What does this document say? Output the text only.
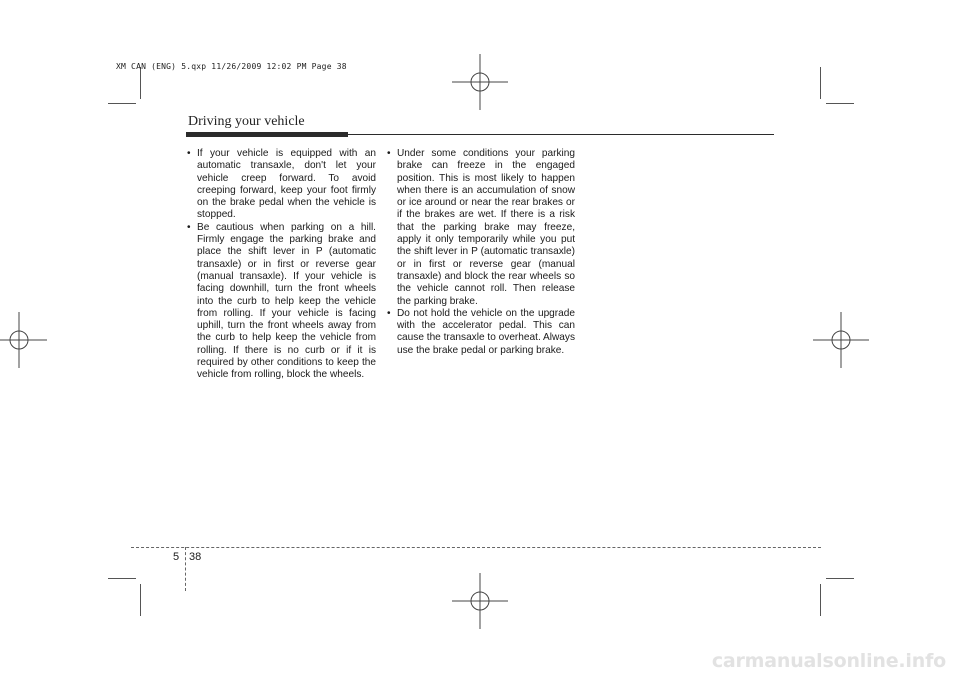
XM CAN (ENG) 5.qxp 11/26/2009 12:02 PM Page 38
Driving your vehicle
• If your vehicle is equipped with an automatic transaxle, don't let your vehicle creep forward. To avoid creeping forward, keep your foot firmly on the brake pedal when the vehicle is stopped.
• Be cautious when parking on a hill. Firmly engage the parking brake and place the shift lever in P (automatic transaxle) or in first or reverse gear (manual transaxle). If your vehicle is facing downhill, turn the front wheels into the curb to help keep the vehicle from rolling. If your vehicle is facing uphill, turn the front wheels away from the curb to help keep the vehicle from rolling. If there is no curb or if it is required by other conditions to keep the vehicle from rolling, block the wheels.
• Under some conditions your parking brake can freeze in the engaged position. This is most likely to happen when there is an accumulation of snow or ice around or near the rear brakes or if the brakes are wet. If there is a risk that the parking brake may freeze, apply it only temporarily while you put the shift lever in P (automatic transaxle) or in first or reverse gear (manual transaxle) and block the rear wheels so the vehicle cannot roll. Then release the parking brake.
• Do not hold the vehicle on the upgrade with the accelerator pedal. This can cause the transaxle to overheat. Always use the brake pedal or parking brake.
5 38
carmanualsonline.info
